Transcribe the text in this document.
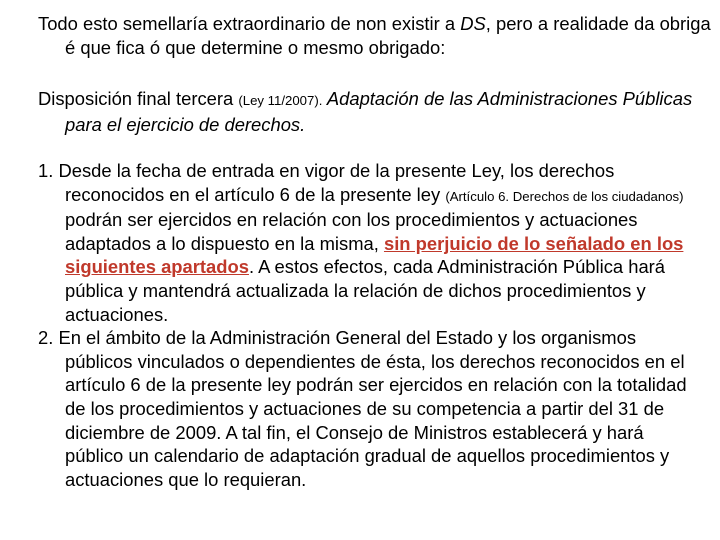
Todo esto semellaría extraordinario de non existir a DS, pero a realidade da obriga é que fica ó que determine o mesmo obrigado:

Disposición final tercera (Ley 11/2007). Adaptación de las Administraciones Públicas para el ejercicio de derechos.

1. Desde la fecha de entrada en vigor de la presente Ley, los derechos reconocidos en el artículo 6 de la presente ley (Artículo 6. Derechos de los ciudadanos) podrán ser ejercidos en relación con los procedimientos y actuaciones adaptados a lo dispuesto en la misma, sin perjuicio de lo señalado en los siguientes apartados. A estos efectos, cada Administración Pública hará pública y mantendrá actualizada la relación de dichos procedimientos y actuaciones.
2. En el ámbito de la Administración General del Estado y los organismos públicos vinculados o dependientes de ésta, los derechos reconocidos en el artículo 6 de la presente ley podrán ser ejercidos en relación con la totalidad de los procedimientos y actuaciones de su competencia a partir del 31 de diciembre de 2009. A tal fin, el Consejo de Ministros establecerá y hará público un calendario de adaptación gradual de aquellos procedimientos y actuaciones que lo requieran.
